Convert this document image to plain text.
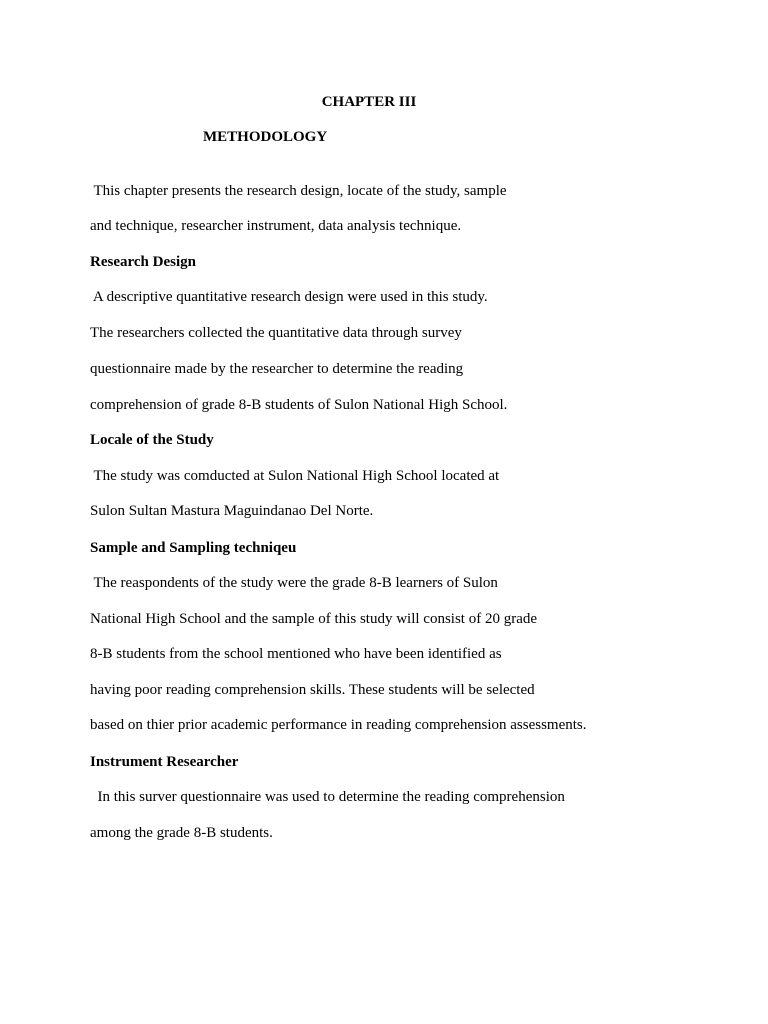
CHAPTER III
METHODOLOGY
This chapter presents the research design, locate of the study, sample
and technique, researcher instrument, data analysis technique.
Research Design
A descriptive quantitative research design were used in this study.
The researchers collected the quantitative data through survey
questionnaire made by the researcher to determine the reading
comprehension of grade 8-B students of Sulon National High School.
Locale of the Study
The study was comducted at Sulon National High School located at
Sulon Sultan Mastura Maguindanao Del Norte.
Sample and Sampling techniqeu
The reaspondents of the study were the grade 8-B learners of Sulon
National High School and the sample of this study will consist of 20 grade
8-B students from the school mentioned who have been identified as
having poor reading comprehension skills. These students will be selected
based on thier prior academic performance in reading comprehension assessments.
Instrument Researcher
In this surver questionnaire was used to determine the reading comprehension
among the grade 8-B students.
